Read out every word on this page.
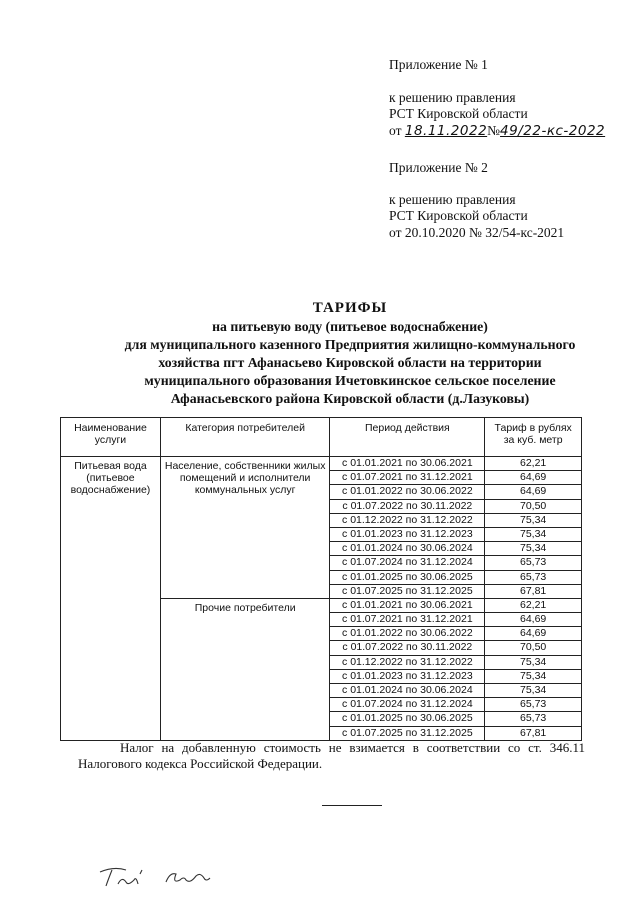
Приложение № 1
к решению правления
РСТ Кировской области
от 18.11.2022№49/22-кс-2022
Приложение № 2
к решению правления
РСТ Кировской области
от 20.10.2020 № 32/54-кс-2021
ТАРИФЫ
на питьевую воду (питьевое водоснабжение)
для муниципального казенного Предприятия жилищно-коммунального
хозяйства пгт Афанасьево Кировской области на территории
муниципального образования Ичетовкинское сельское поселение
Афанасьевского района Кировской области (д.Лазуковы)
Наименование услуги	Категория потребителей	Период действия	Тариф в рублях за куб. метр
Питьевая вода (питьевое водоснабжение)	Население, собственники жилых помещений и исполнители коммунальных услуг	с 01.01.2021 по 30.06.2021	62,21
		с 01.07.2021 по 31.12.2021	64,69
		с 01.01.2022 по 30.06.2022	64,69
		с 01.07.2022 по 30.11.2022	70,50
		с 01.12.2022 по 31.12.2022	75,34
		с 01.01.2023 по 31.12.2023	75,34
		с 01.01.2024 по 30.06.2024	75,34
		с 01.07.2024 по 31.12.2024	65,73
		с 01.01.2025 по 30.06.2025	65,73
		с 01.07.2025 по 31.12.2025	67,81
	Прочие потребители	с 01.01.2021 по 30.06.2021	62,21
		с 01.07.2021 по 31.12.2021	64,69
		с 01.01.2022 по 30.06.2022	64,69
		с 01.07.2022 по 30.11.2022	70,50
		с 01.12.2022 по 31.12.2022	75,34
		с 01.01.2023 по 31.12.2023	75,34
		с 01.01.2024 по 30.06.2024	75,34
		с 01.07.2024 по 31.12.2024	65,73
		с 01.01.2025 по 30.06.2025	65,73
		с 01.07.2025 по 31.12.2025	67,81
Налог на добавленную стоимость не взимается в соответствии со ст. 346.11 Налогового кодекса Российской Федерации.
